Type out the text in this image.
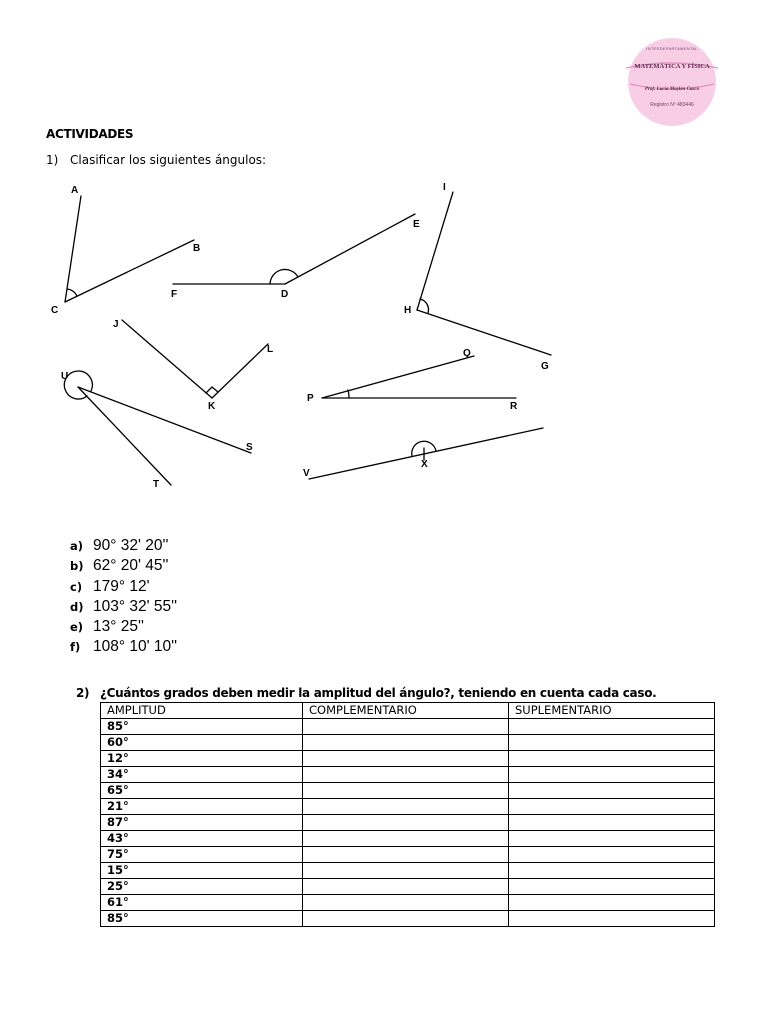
INTERDEPARTAMENTAL
MATEMÁTICA Y FÍSICA
Prof. Lucía Maylén Casco
Registro Nº 483446
ACTIVIDADES
1) Clasificar los siguientes ángulos:
A
C
B
F	D
E
I
H
G
J
K
L
U
T
S
P
Q
R
V
X
a) 90° 32' 20''
b) 62° 20' 45''
c) 179° 12'
d) 103° 32' 55''
e) 13° 25''
f) 108° 10' 10''
2) ¿Cuántos grados deben medir la amplitud del ángulo?, teniendo en cuenta cada caso.
AMPLITUD	COMPLEMENTARIO	SUPLEMENTARIO
85°		
60°		
12°		
34°		
65°		
21°		
87°		
43°		
75°		
15°		
25°		
61°		
85°		
